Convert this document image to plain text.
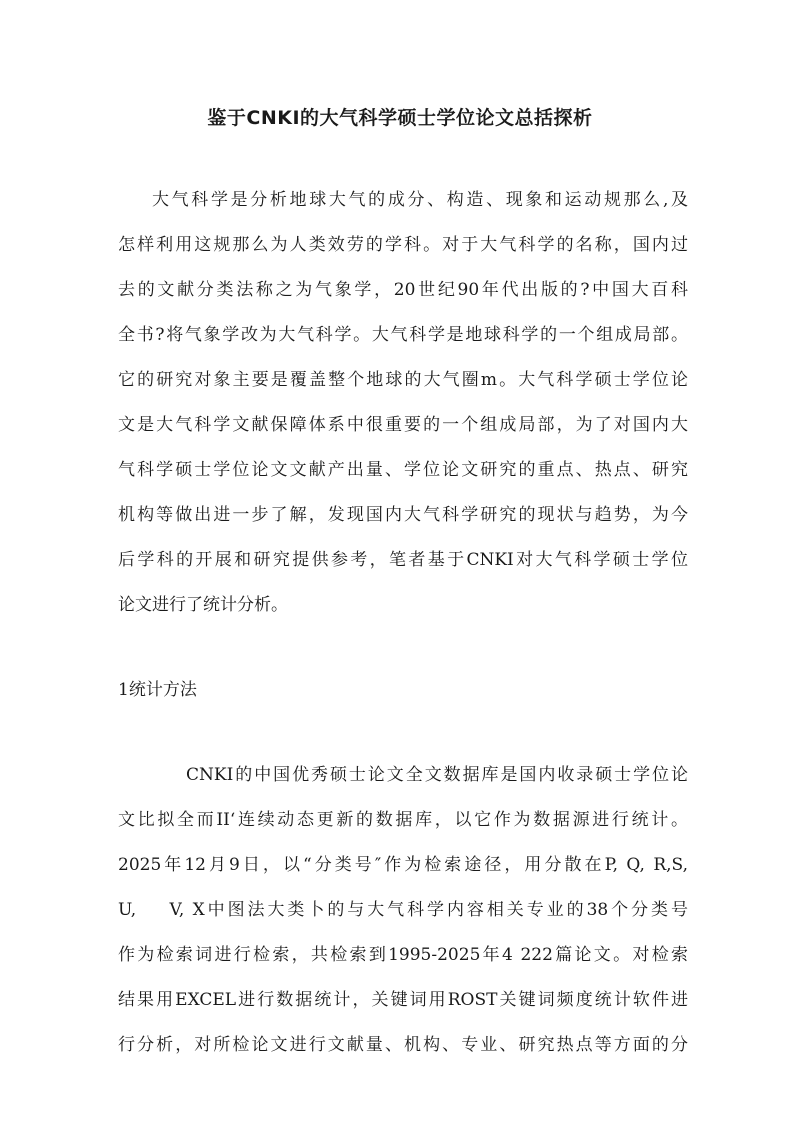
鉴于CNKI的大气科学硕士学位论文总括探析
大气科学是分析地球大气的成分、构造、现象和运动规那么,及
怎样利用这规那么为人类效劳的学科。对于大气科学的名称，国内过
去的文献分类法称之为气象学，20世纪90年代出版的?中国大百科
全书?将气象学改为大气科学。大气科学是地球科学的一个组成局部。
它的研究对象主要是覆盖整个地球的大气圈m。大气科学硕士学位论
文是大气科学文献保障体系中很重要的一个组成局部，为了对国内大
气科学硕士学位论文文献产出量、学位论文研究的重点、热点、研究
机构等做出进一步了解，发现国内大气科学研究的现状与趋势，为今
后学科的开展和研究提供参考，笔者基于CNKI对大气科学硕士学位
论文进行了统计分析。
1统计方法
CNKI的中国优秀硕士论文全文数据库是国内收录硕士学位论
文比拟全而II‘连续动态更新的数据库，以它作为数据源进行统计。
2025年12月9日，以“分类号″作为检索途径，用分散在P, Q, R,S,
U,    V, X中图法大类卜的与大气科学内容相关专业的38个分类号
作为检索词进行检索，共检索到1995-2025年4 222篇论文。对检索
结果用EXCEL进行数据统计，关键词用ROST关键词频度统计软件进
行分析，对所检论文进行文献量、机构、专业、研究热点等方面的分
